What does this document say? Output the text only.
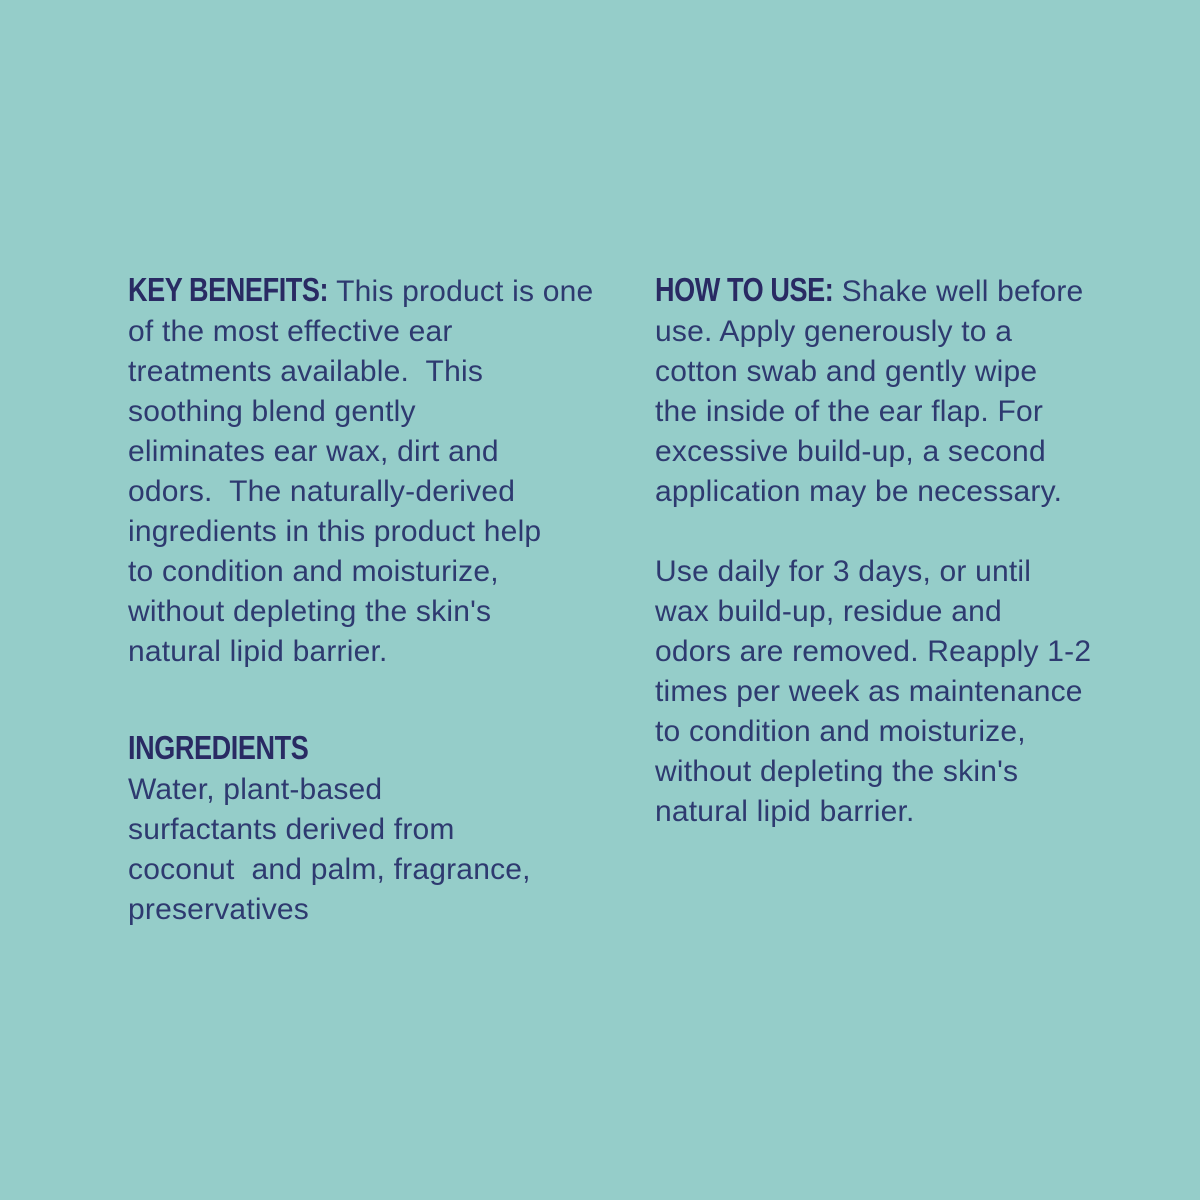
KEY BENEFITS: This product is one
of the most effective ear
treatments available.  This
soothing blend gently
eliminates ear wax, dirt and
odors.  The naturally-derived
ingredients in this product help
to condition and moisturize,
without depleting the skin's
natural lipid barrier.
INGREDIENTS
Water, plant-based
surfactants derived from
coconut  and palm, fragrance,
preservatives
HOW TO USE: Shake well before
use. Apply generously to a
cotton swab and gently wipe
the inside of the ear flap. For
excessive build-up, a second
application may be necessary.
Use daily for 3 days, or until
wax build-up, residue and
odors are removed. Reapply 1-2
times per week as maintenance
to condition and moisturize,
without depleting the skin's
natural lipid barrier.
